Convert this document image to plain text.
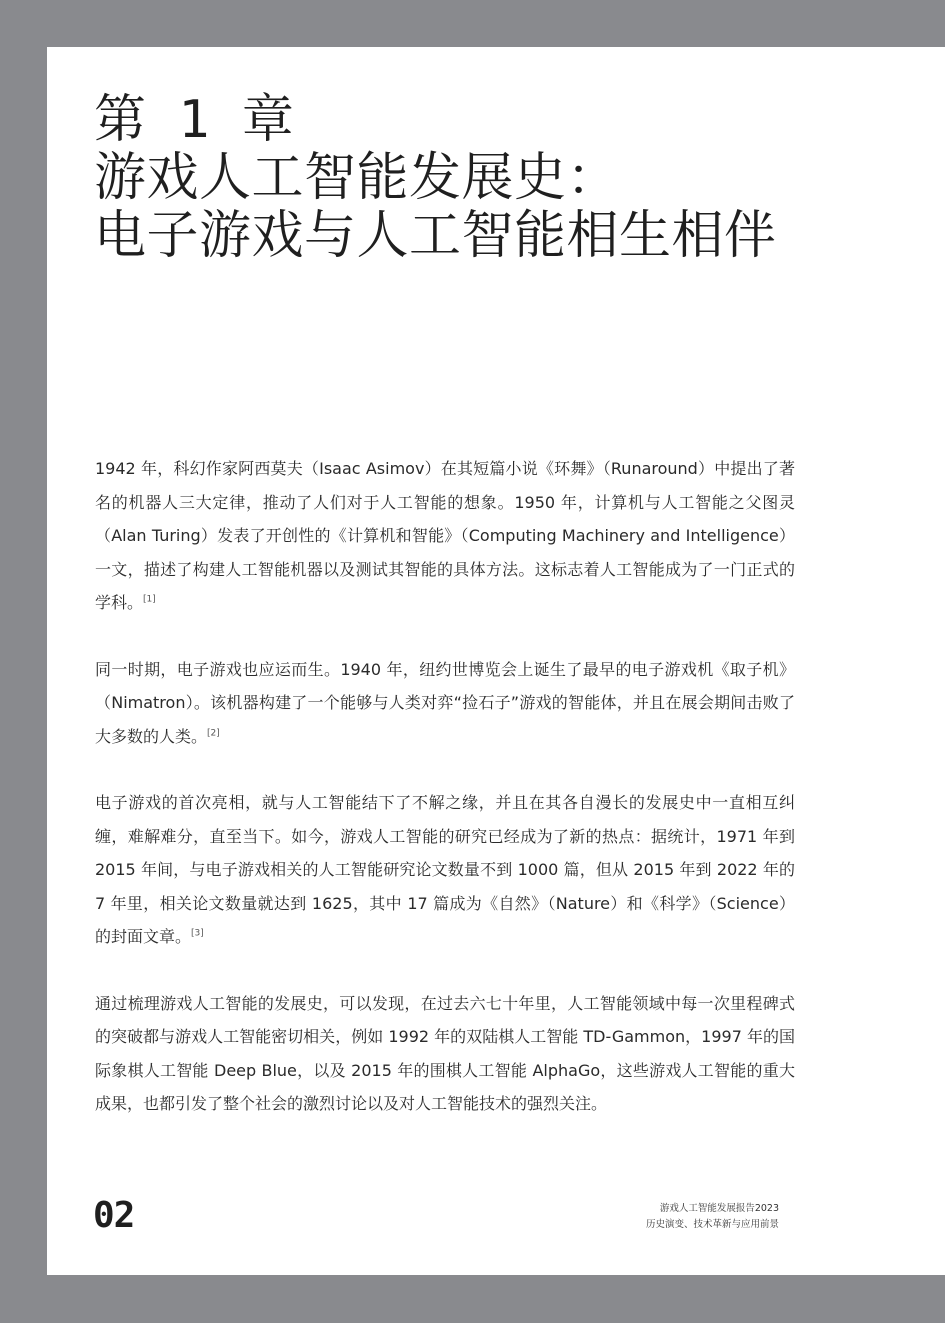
第 1 章
游戏人工智能发展史：
电子游戏与人工智能相生相伴

1942 年，科幻作家阿西莫夫（Isaac Asimov）在其短篇小说《环舞》（Runaround）中提出了著名的机器人三大定律，推动了人们对于人工智能的想象。1950 年，计算机与人工智能之父图灵（Alan Turing）发表了开创性的《计算机和智能》（Computing Machinery and Intelligence）一文，描述了构建人工智能机器以及测试其智能的具体方法。这标志着人工智能成为了一门正式的学科。[1]

同一时期，电子游戏也应运而生。1940 年，纽约世博览会上诞生了最早的电子游戏机《取子机》（Nimatron）。该机器构建了一个能够与人类对弈“捡石子”游戏的智能体，并且在展会期间击败了大多数的人类。[2]

电子游戏的首次亮相，就与人工智能结下了不解之缘，并且在其各自漫长的发展史中一直相互纠缠，难解难分，直至当下。如今，游戏人工智能的研究已经成为了新的热点：据统计，1971 年到 2015 年间，与电子游戏相关的人工智能研究论文数量不到 1000 篇，但从 2015 年到 2022 年的 7 年里，相关论文数量就达到 1625，其中 17 篇成为《自然》（Nature）和《科学》（Science）的封面文章。[3]

通过梳理游戏人工智能的发展史，可以发现，在过去六七十年里，人工智能领域中每一次里程碑式的突破都与游戏人工智能密切相关，例如 1992 年的双陆棋人工智能 TD-Gammon，1997 年的国际象棋人工智能 Deep Blue，以及 2015 年的围棋人工智能 AlphaGo，这些游戏人工智能的重大成果，也都引发了整个社会的激烈讨论以及对人工智能技术的强烈关注。

02	游戏人工智能发展报告2023
历史演变、技术革新与应用前景
